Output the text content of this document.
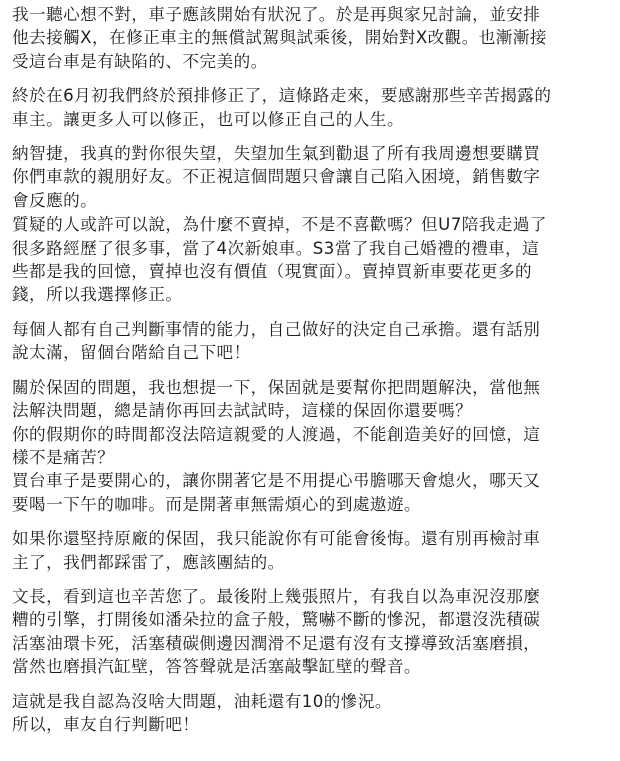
我一聽心想不對，車子應該開始有狀況了。於是再與家兄討論，並安排
他去接觸X，在修正車主的無償試駕與試乘後，開始對X改觀。也漸漸接
受這台車是有缺陷的、不完美的。

終於在6月初我們終於預排修正了，這條路走來，要感謝那些辛苦揭露的
車主。讓更多人可以修正，也可以修正自己的人生。

納智捷，我真的對你很失望，失望加生氣到勸退了所有我周邊想要購買
你們車款的親朋好友。不正視這個問題只會讓自己陷入困境，銷售數字
會反應的。

質疑的人或許可以說，為什麼不賣掉，不是不喜歡嗎？但U7陪我走過了
很多路經歷了很多事，當了4次新娘車。S3當了我自己婚禮的禮車，這
些都是我的回憶，賣掉也沒有價值（現實面）。賣掉買新車要花更多的
錢，所以我選擇修正。

每個人都有自己判斷事情的能力，自己做好的決定自己承擔。還有話別
說太滿，留個台階給自己下吧！

關於保固的問題，我也想提一下，保固就是要幫你把問題解決，當他無
法解決問題，總是請你再回去試試時，這樣的保固你還要嗎？
你的假期你的時間都沒法陪這親愛的人渡過，不能創造美好的回憶，這
樣不是痛苦？
買台車子是要開心的，讓你開著它是不用提心弔膽哪天會熄火，哪天又
要喝一下午的咖啡。而是開著車無需煩心的到處遨遊。

如果你還堅持原廠的保固，我只能說你有可能會後悔。還有別再檢討車
主了，我們都踩雷了，應該團結的。

文長，看到這也辛苦您了。最後附上幾張照片，有我自以為車況沒那麼
糟的引擎，打開後如潘朵拉的盒子般，驚嚇不斷的慘況，都還沒洗積碳
活塞油環卡死，活塞積碳側邊因潤滑不足還有沒有支撐導致活塞磨損，
當然也磨損汽缸壁，答答聲就是活塞敲擊缸壁的聲音。

這就是我自認為沒啥大問題，油耗還有10的慘況。
所以，車友自行判斷吧！
